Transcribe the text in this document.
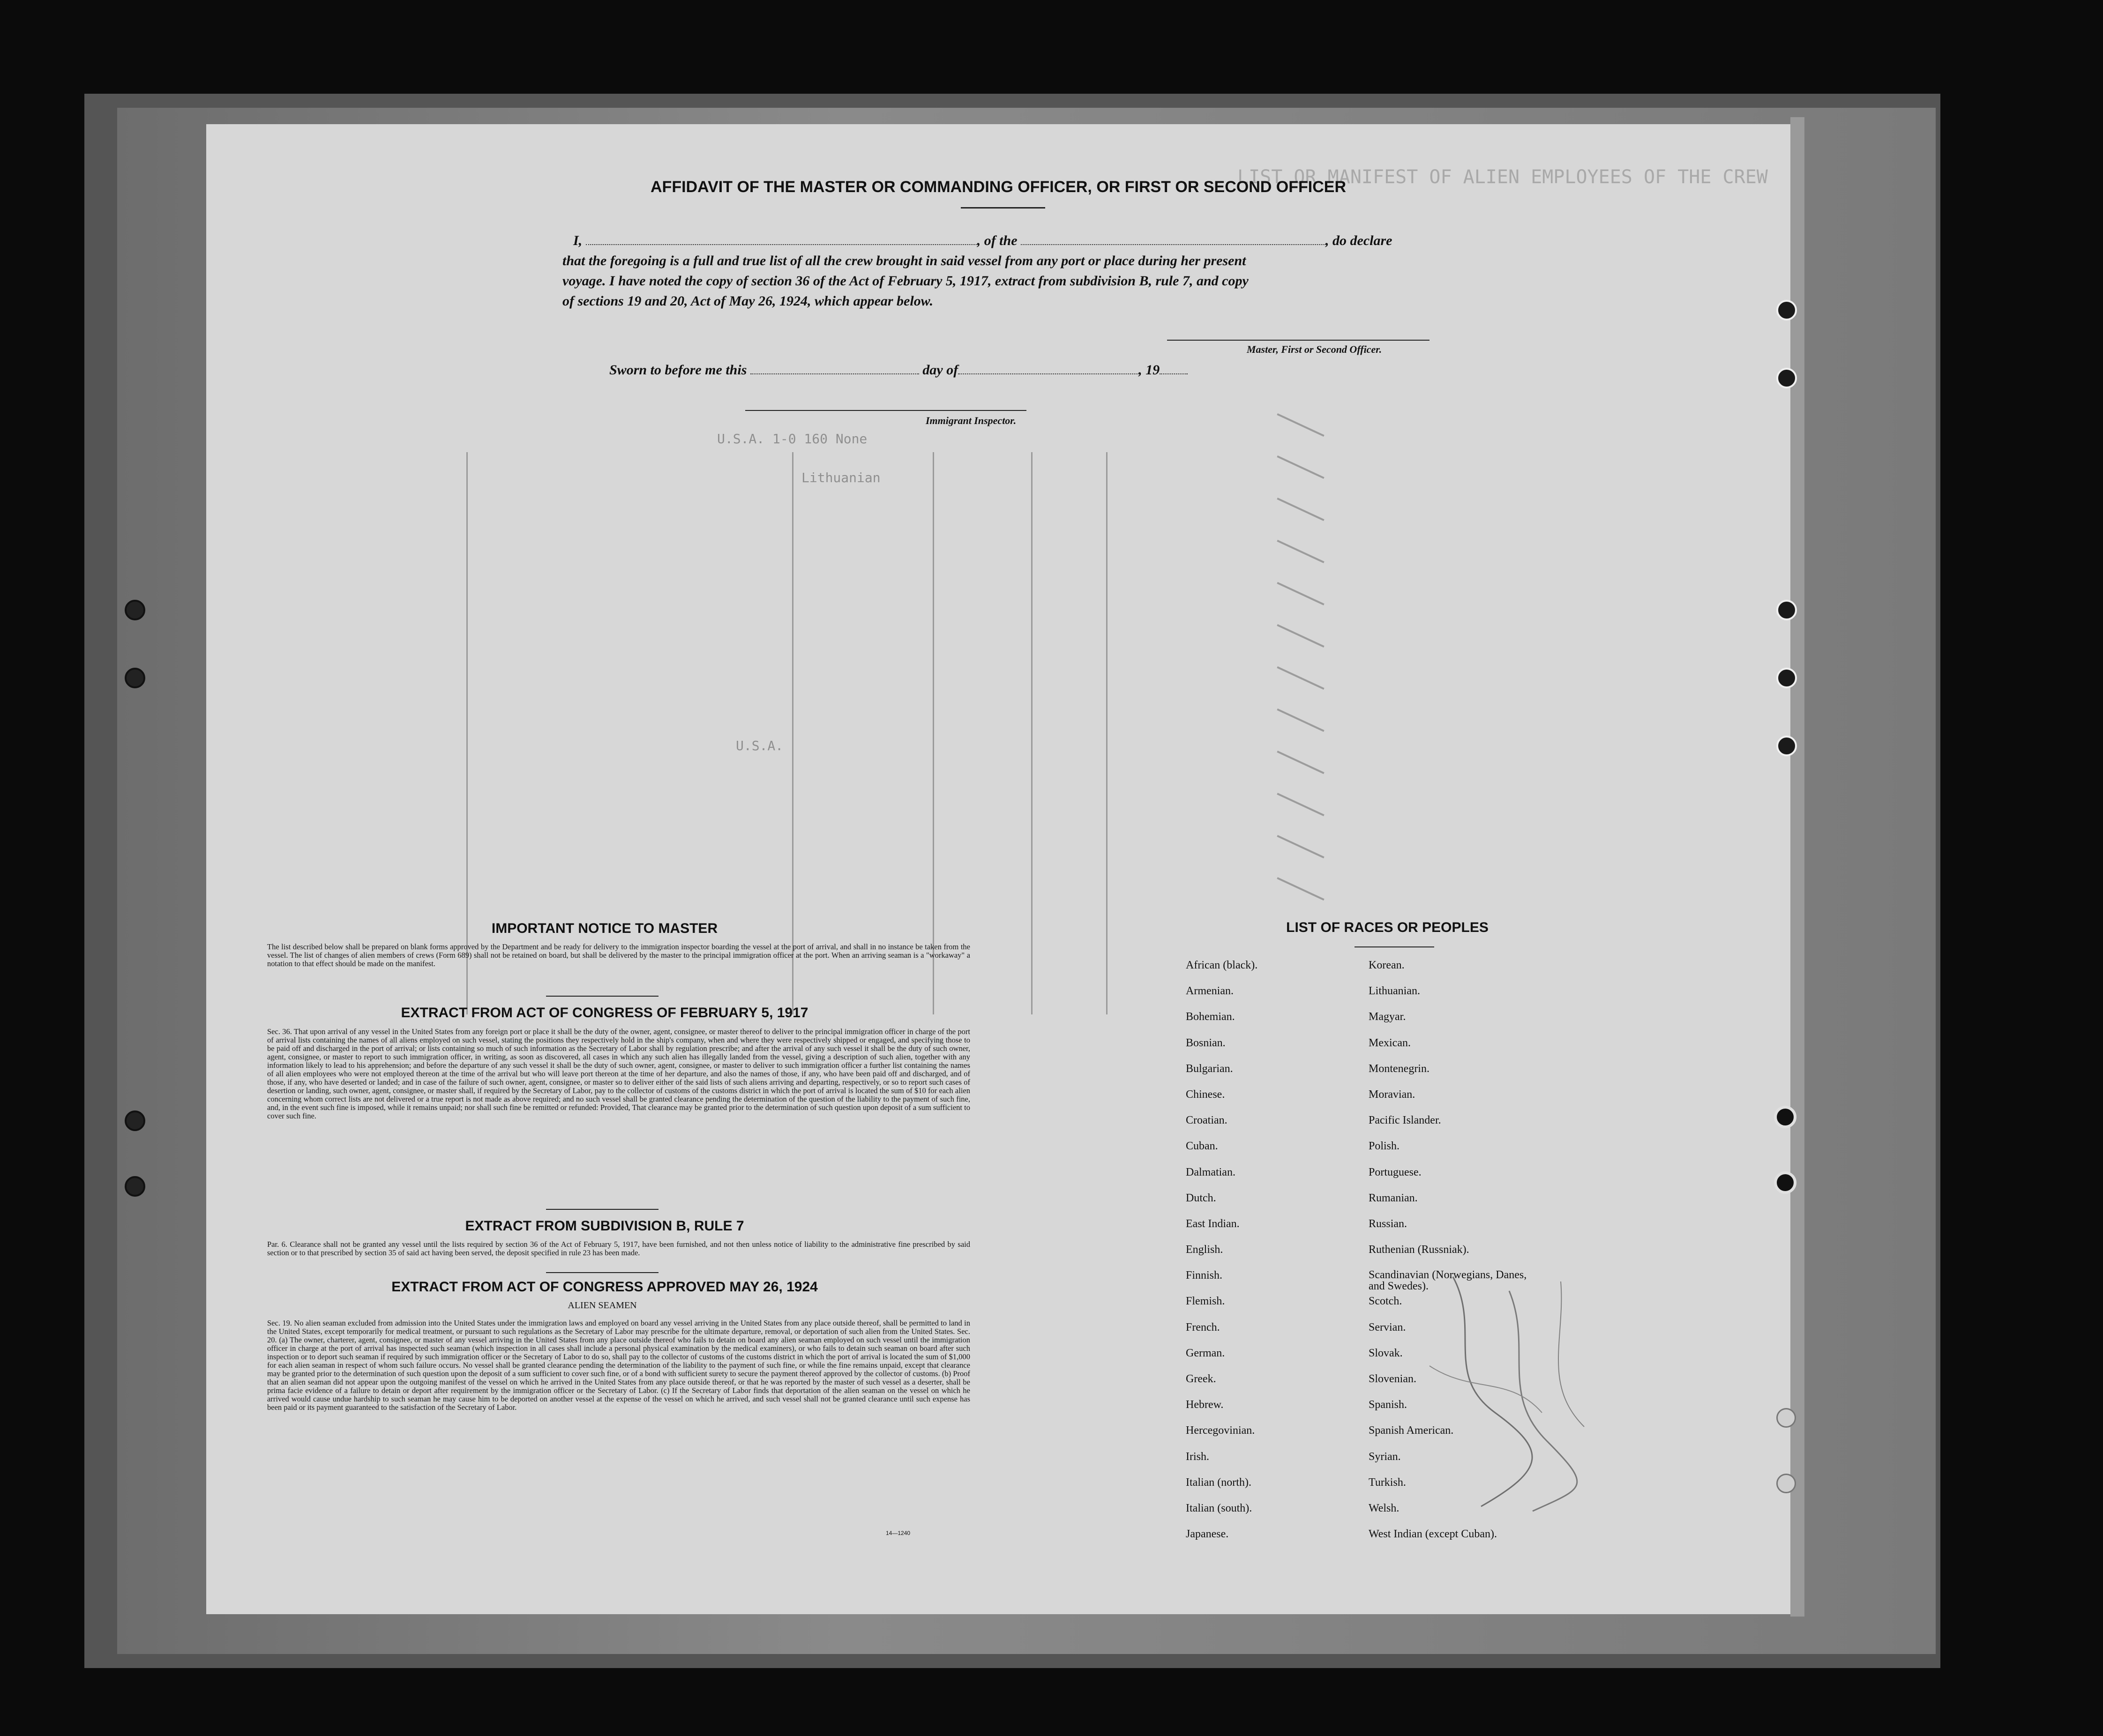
LIST OR MANIFEST OF ALIEN EMPLOYEES OF THE CREW
U.S.A. 1-0 160 None
Lithuanian
U.S.A.
AFFIDAVIT OF THE MASTER OR COMMANDING OFFICER, OR FIRST OR SECOND OFFICER
I,	, of the	, do declare
that the foregoing is a full and true list of all the crew brought in said vessel from any port or place during her present
voyage. I have noted the copy of section 36 of the Act of February 5, 1917, extract from subdivision B, rule 7, and copy
of sections 19 and 20, Act of May 26, 1924, which appear below.
Master, First or Second Officer.
Sworn to before me this	day of	, 19
Immigrant Inspector.
IMPORTANT NOTICE TO MASTER
The list described below shall be prepared on blank forms approved by the Department and be ready for delivery to the immigration inspector boarding the vessel at the port of arrival, and shall in no instance be taken from the vessel. The list of changes of alien members of crews (Form 689) shall not be retained on board, but shall be delivered by the master to the principal immigration officer at the port. When an arriving seaman is a "workaway" a notation to that effect should be made on the manifest.
EXTRACT FROM ACT OF CONGRESS OF FEBRUARY 5, 1917
Sec. 36. That upon arrival of any vessel in the United States from any foreign port or place it shall be the duty of the owner, agent, consignee, or master thereof to deliver to the principal immigration officer in charge of the port of arrival lists containing the names of all aliens employed on such vessel, stating the positions they respectively hold in the ship's company, when and where they were respectively shipped or engaged, and specifying those to be paid off and discharged in the port of arrival; or lists containing so much of such information as the Secretary of Labor shall by regulation prescribe; and after the arrival of any such vessel it shall be the duty of such owner, agent, consignee, or master to report to such immigration officer, in writing, as soon as discovered, all cases in which any such alien has illegally landed from the vessel, giving a description of such alien, together with any information likely to lead to his apprehension; and before the departure of any such vessel it shall be the duty of such owner, agent, consignee, or master to deliver to such immigration officer a further list containing the names of all alien employees who were not employed thereon at the time of the arrival but who will leave port thereon at the time of her departure, and also the names of those, if any, who have been paid off and discharged, and of those, if any, who have deserted or landed; and in case of the failure of such owner, agent, consignee, or master so to deliver either of the said lists of such aliens arriving and departing, respectively, or so to report such cases of desertion or landing, such owner, agent, consignee, or master shall, if required by the Secretary of Labor, pay to the collector of customs of the customs district in which the port of arrival is located the sum of $10 for each alien concerning whom correct lists are not delivered or a true report is not made as above required; and no such vessel shall be granted clearance pending the determination of the question of the liability to the payment of such fine, and, in the event such fine is imposed, while it remains unpaid; nor shall such fine be remitted or refunded: Provided, That clearance may be granted prior to the determination of such question upon deposit of a sum sufficient to cover such fine.
EXTRACT FROM SUBDIVISION B, RULE 7
Par. 6. Clearance shall not be granted any vessel until the lists required by section 36 of the Act of February 5, 1917, have been furnished, and not then unless notice of liability to the administrative fine prescribed by said section or to that prescribed by section 35 of said act having been served, the deposit specified in rule 23 has been made.
EXTRACT FROM ACT OF CONGRESS APPROVED MAY 26, 1924
ALIEN SEAMEN
Sec. 19. No alien seaman excluded from admission into the United States under the immigration laws and employed on board any vessel arriving in the United States from any place outside thereof, shall be permitted to land in the United States, except temporarily for medical treatment, or pursuant to such regulations as the Secretary of Labor may prescribe for the ultimate departure, removal, or deportation of such alien from the United States. Sec. 20. (a) The owner, charterer, agent, consignee, or master of any vessel arriving in the United States from any place outside thereof who fails to detain on board any alien seaman employed on such vessel until the immigration officer in charge at the port of arrival has inspected such seaman (which inspection in all cases shall include a personal physical examination by the medical examiners), or who fails to detain such seaman on board after such inspection or to deport such seaman if required by such immigration officer or the Secretary of Labor to do so, shall pay to the collector of customs of the customs district in which the port of arrival is located the sum of $1,000 for each alien seaman in respect of whom such failure occurs. No vessel shall be granted clearance pending the determination of the liability to the payment of such fine, or while the fine remains unpaid, except that clearance may be granted prior to the determination of such question upon the deposit of a sum sufficient to cover such fine, or of a bond with sufficient surety to secure the payment thereof approved by the collector of customs. (b) Proof that an alien seaman did not appear upon the outgoing manifest of the vessel on which he arrived in the United States from any place outside thereof, or that he was reported by the master of such vessel as a deserter, shall be prima facie evidence of a failure to detain or deport after requirement by the immigration officer or the Secretary of Labor. (c) If the Secretary of Labor finds that deportation of the alien seaman on the vessel on which he arrived would cause undue hardship to such seaman he may cause him to be deported on another vessel at the expense of the vessel on which he arrived, and such vessel shall not be granted clearance until such expense has been paid or its payment guaranteed to the satisfaction of the Secretary of Labor.
14—1240
LIST OF RACES OR PEOPLES
African (black).	Korean.
Armenian.	Lithuanian.
Bohemian.	Magyar.
Bosnian.	Mexican.
Bulgarian.	Montenegrin.
Chinese.	Moravian.
Croatian.	Pacific Islander.
Cuban.	Polish.
Dalmatian.	Portuguese.
Dutch.	Rumanian.
East Indian.	Russian.
English.	Ruthenian (Russniak).
Finnish.	Scandinavian (Norwegians, Danes, and Swedes).
Flemish.	Scotch.
French.	Servian.
German.	Slovak.
Greek.	Slovenian.
Hebrew.	Spanish.
Hercegovinian.	Spanish American.
Irish.	Syrian.
Italian (north).	Turkish.
Italian (south).	Welsh.
Japanese.	West Indian (except Cuban).
